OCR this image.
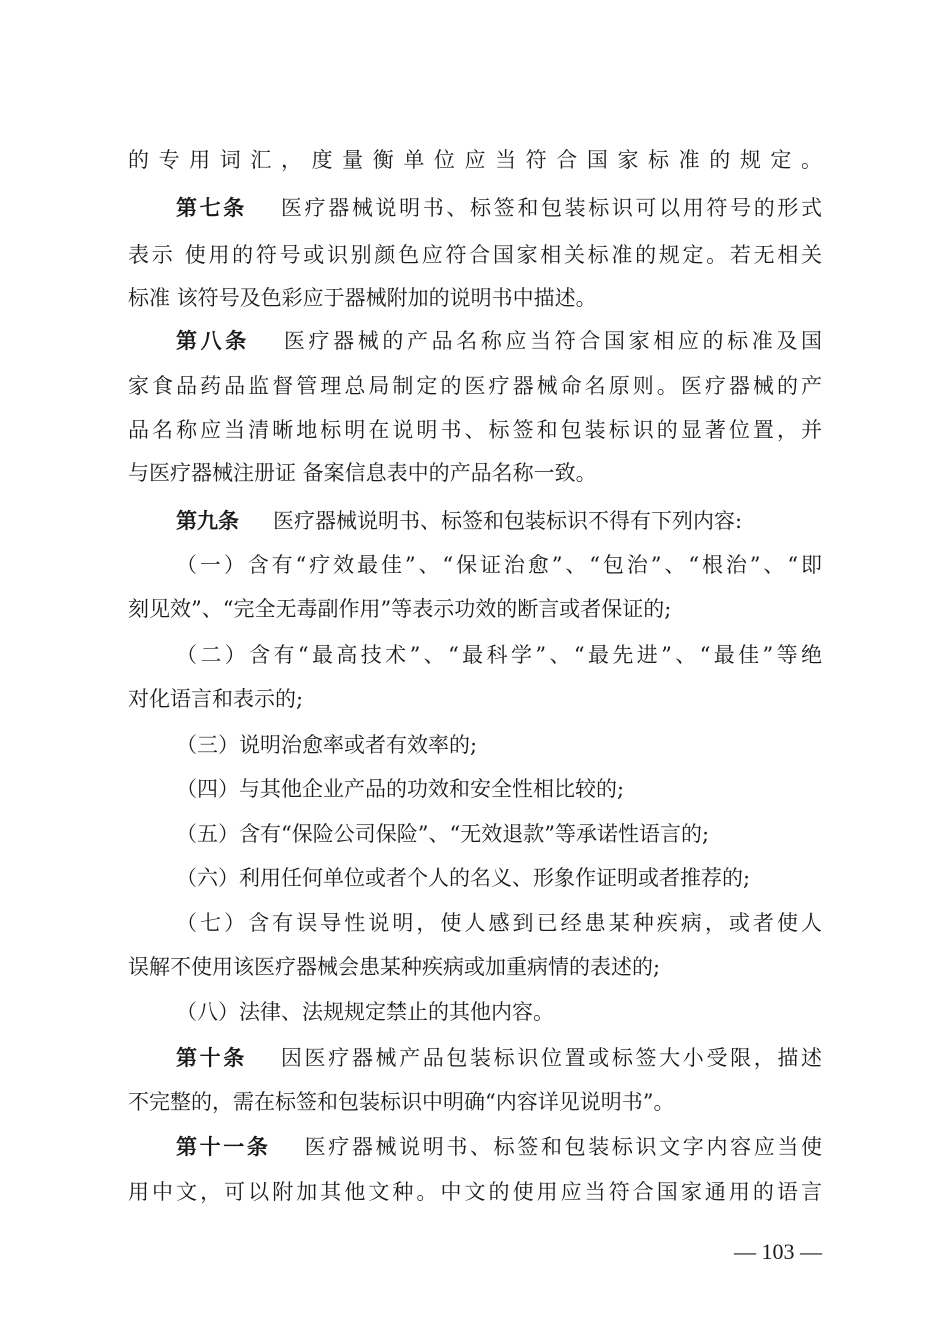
的专用词汇，度量衡单位应当符合国家标准的规定。
第七条 医疗器械说明书、标签和包装标识可以用符号的形式
表示 使用的符号或识别颜色应符合国家相关标准的规定。若无相关
标准 该符号及色彩应于器械附加的说明书中描述。
第八条 医疗器械的产品名称应当符合国家相应的标准及国
家食品药品监督管理总局制定的医疗器械命名原则。医疗器械的产
品名称应当清晰地标明在说明书、标签和包装标识的显著位置，并
与医疗器械注册证 备案信息表中的产品名称一致。
第九条 医疗器械说明书、标签和包装标识不得有下列内容:
（一）含有“疗效最佳”、“保证治愈”、“包治”、“根治”、“即
刻见效”、“完全无毒副作用”等表示功效的断言或者保证的;
（二）含有“最高技术”、“最科学”、“最先进”、“最佳”等绝
对化语言和表示的;
（三）说明治愈率或者有效率的;
（四）与其他企业产品的功效和安全性相比较的;
（五）含有“保险公司保险”、“无效退款”等承诺性语言的;
（六）利用任何单位或者个人的名义、形象作证明或者推荐的;
（七）含有误导性说明，使人感到已经患某种疾病，或者使人
误解不使用该医疗器械会患某种疾病或加重病情的表述的;
（八）法律、法规规定禁止的其他内容。
第十条 因医疗器械产品包装标识位置或标签大小受限，描述
不完整的，需在标签和包装标识中明确“内容详见说明书”。
第十一条 医疗器械说明书、标签和包装标识文字内容应当使
用中文，可以附加其他文种。中文的使用应当符合国家通用的语言
— 103 —
